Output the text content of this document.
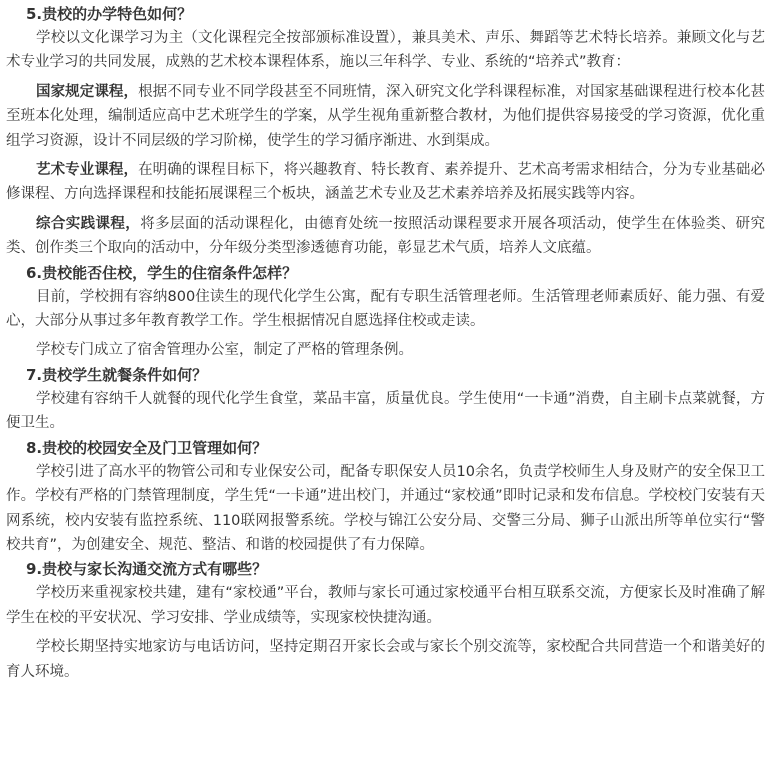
5.贵校的办学特色如何？

学校以文化课学习为主（文化课程完全按部颁标准设置），兼具美术、声乐、舞蹈等艺术特长培养。兼顾文化与艺术专业学习的共同发展，成熟的艺术校本课程体系，施以三年科学、专业、系统的“培养式”教育：

国家规定课程，根据不同专业不同学段甚至不同班情，深入研究文化学科课程标准，对国家基础课程进行校本化甚至班本化处理，编制适应高中艺术班学生的学案，从学生视角重新整合教材，为他们提供容易接受的学习资源，优化重组学习资源，设计不同层级的学习阶梯，使学生的学习循序渐进、水到渠成。

艺术专业课程，在明确的课程目标下，将兴趣教育、特长教育、素养提升、艺术高考需求相结合，分为专业基础必修课程、方向选择课程和技能拓展课程三个板块，涵盖艺术专业及艺术素养培养及拓展实践等内容。

综合实践课程，将多层面的活动课程化，由德育处统一按照活动课程要求开展各项活动，使学生在体验类、研究类、创作类三个取向的活动中，分年级分类型渗透德育功能，彰显艺术气质，培养人文底蕴。

6.贵校能否住校，学生的住宿条件怎样？

目前，学校拥有容纳800住读生的现代化学生公寓，配有专职生活管理老师。生活管理老师素质好、能力强、有爱心，大部分从事过多年教育教学工作。学生根据情况自愿选择住校或走读。

学校专门成立了宿舍管理办公室，制定了严格的管理条例。

7.贵校学生就餐条件如何？

学校建有容纳千人就餐的现代化学生食堂，菜品丰富，质量优良。学生使用“一卡通”消费，自主刷卡点菜就餐，方便卫生。

8.贵校的校园安全及门卫管理如何？

学校引进了高水平的物管公司和专业保安公司，配备专职保安人员10余名，负责学校师生人身及财产的安全保卫工作。学校有严格的门禁管理制度，学生凭“一卡通”进出校门，并通过“家校通”即时记录和发布信息。学校校门安装有天网系统，校内安装有监控系统、110联网报警系统。学校与锦江公安分局、交警三分局、狮子山派出所等单位实行“警校共育”，为创建安全、规范、整洁、和谐的校园提供了有力保障。

9.贵校与家长沟通交流方式有哪些？

学校历来重视家校共建，建有“家校通”平台，教师与家长可通过家校通平台相互联系交流，方便家长及时准确了解学生在校的平安状况、学习安排、学业成绩等，实现家校快捷沟通。

学校长期坚持实地家访与电话访问，坚持定期召开家长会或与家长个别交流等，家校配合共同营造一个和谐美好的育人环境。
